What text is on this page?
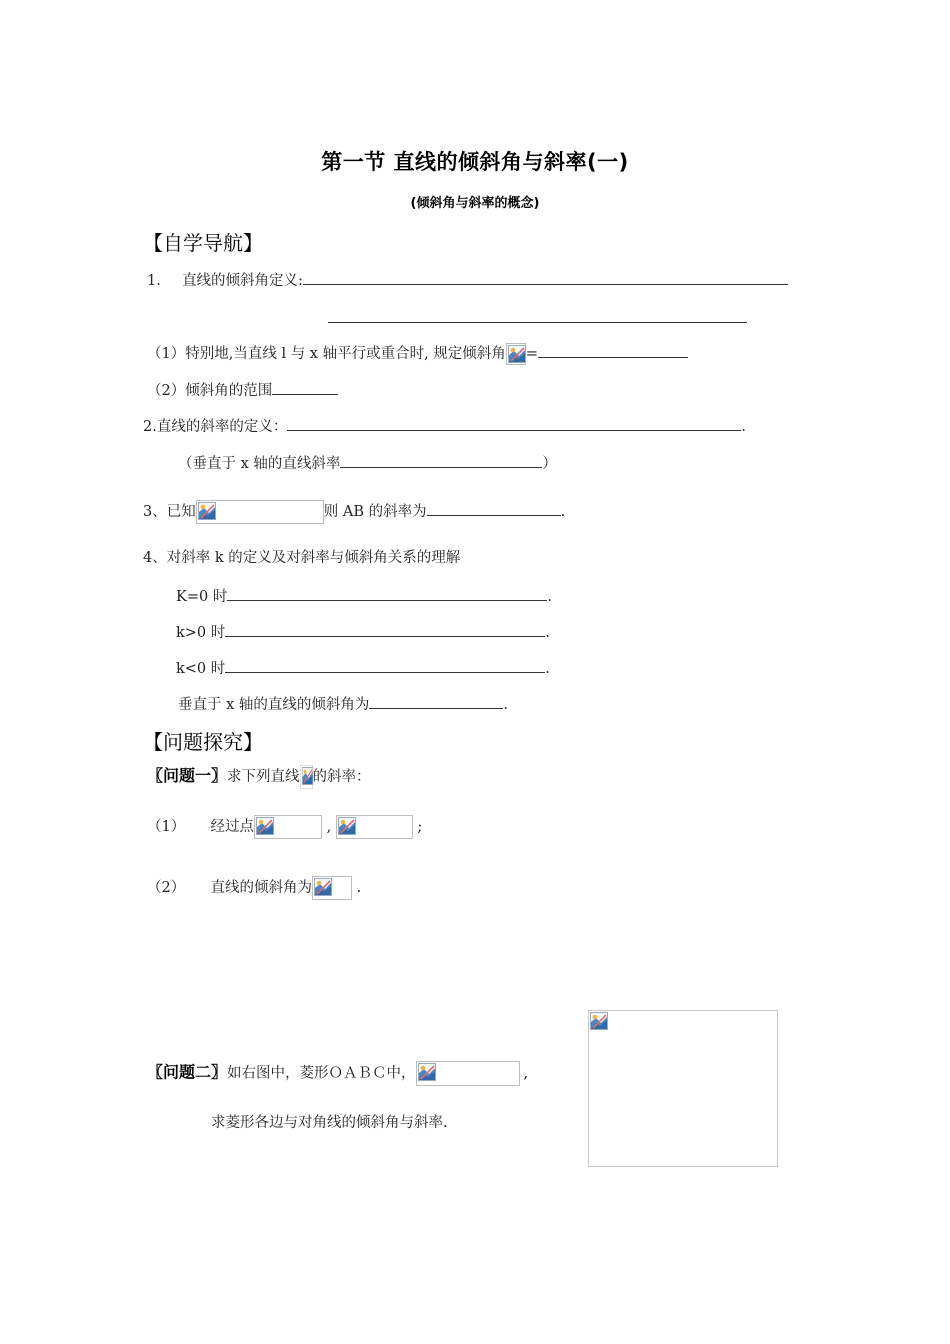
第一节 直线的倾斜角与斜率(一)
(倾斜角与斜率的概念)
【自学导航】
1. 直线的倾斜角定义:
（1）特别地,当直线 l 与 x 轴平行或重合时, 规定倾斜角 =
（2）倾斜角的范围
2.直线的斜率的定义：	.
（垂直于 x 轴的直线斜率	）
3、已知	则 AB 的斜率为	.
4、对斜率 k 的定义及对斜率与倾斜角关系的理解
K=0 时	.
k>0 时	.
k<0 时	.
垂直于 x 轴的直线的倾斜角为	.
【问题探究】
〖问题一〗求下列直线 的斜率：
（1） 经过点	,	;
（2） 直线的倾斜角为	.
〖问题二〗如右图中，菱形ＯＡＢＣ中，	,
求菱形各边与对角线的倾斜角与斜率.
